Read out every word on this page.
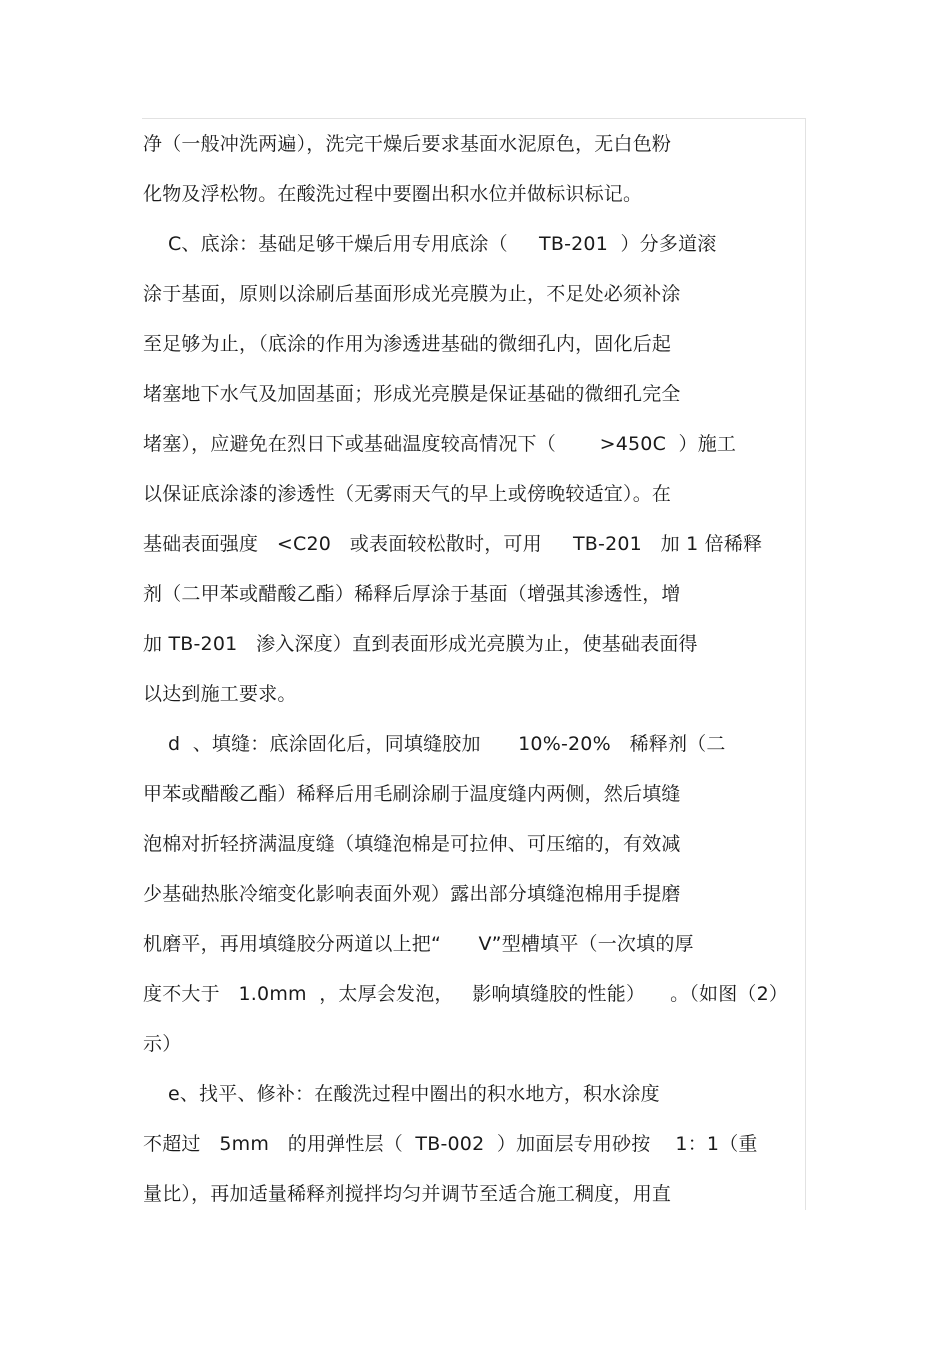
净（一般冲洗两遍），洗完干燥后要求基面水泥原色，无白色粉
化物及浮松物。在酸洗过程中要圈出积水位并做标识标记。
C、底涂：基础足够干燥后用专用底涂（     TB-201  ）分多道滚
涂于基面，原则以涂刷后基面形成光亮膜为止，不足处必须补涂
至足够为止，（底涂的作用为渗透进基础的微细孔内，固化后起
堵塞地下水气及加固基面；形成光亮膜是保证基础的微细孔完全
堵塞），应避免在烈日下或基础温度较高情况下（       >450C  ）施工
以保证底涂漆的渗透性（无雾雨天气的早上或傍晚较适宜）。在
基础表面强度   <C20   或表面较松散时，可用     TB-201   加 1 倍稀释
剂（二甲苯或醋酸乙酯）稀释后厚涂于基面（增强其渗透性，增
加 TB-201   渗入深度）直到表面形成光亮膜为止，使基础表面得
以达到施工要求。
d  、填缝：底涂固化后，同填缝胶加      10%-20%   稀释剂（二
甲苯或醋酸乙酯）稀释后用毛刷涂刷于温度缝内两侧，然后填缝
泡棉对折轻挤满温度缝（填缝泡棉是可拉伸、可压缩的，有效减
少基础热胀冷缩变化影响表面外观）露出部分填缝泡棉用手提磨
机磨平，再用填缝胶分两道以上把“      V”型槽填平（一次填的厚
度不大于   1.0mm  ，太厚会发泡，   影响填缝胶的性能）    。（如图（2）
示）
e、找平、修补：在酸洗过程中圈出的积水地方，积水涂度
不超过   5mm   的用弹性层（  TB-002  ）加面层专用砂按    1：1（重
量比），再加适量稀释剂搅拌均匀并调节至适合施工稠度，用直
